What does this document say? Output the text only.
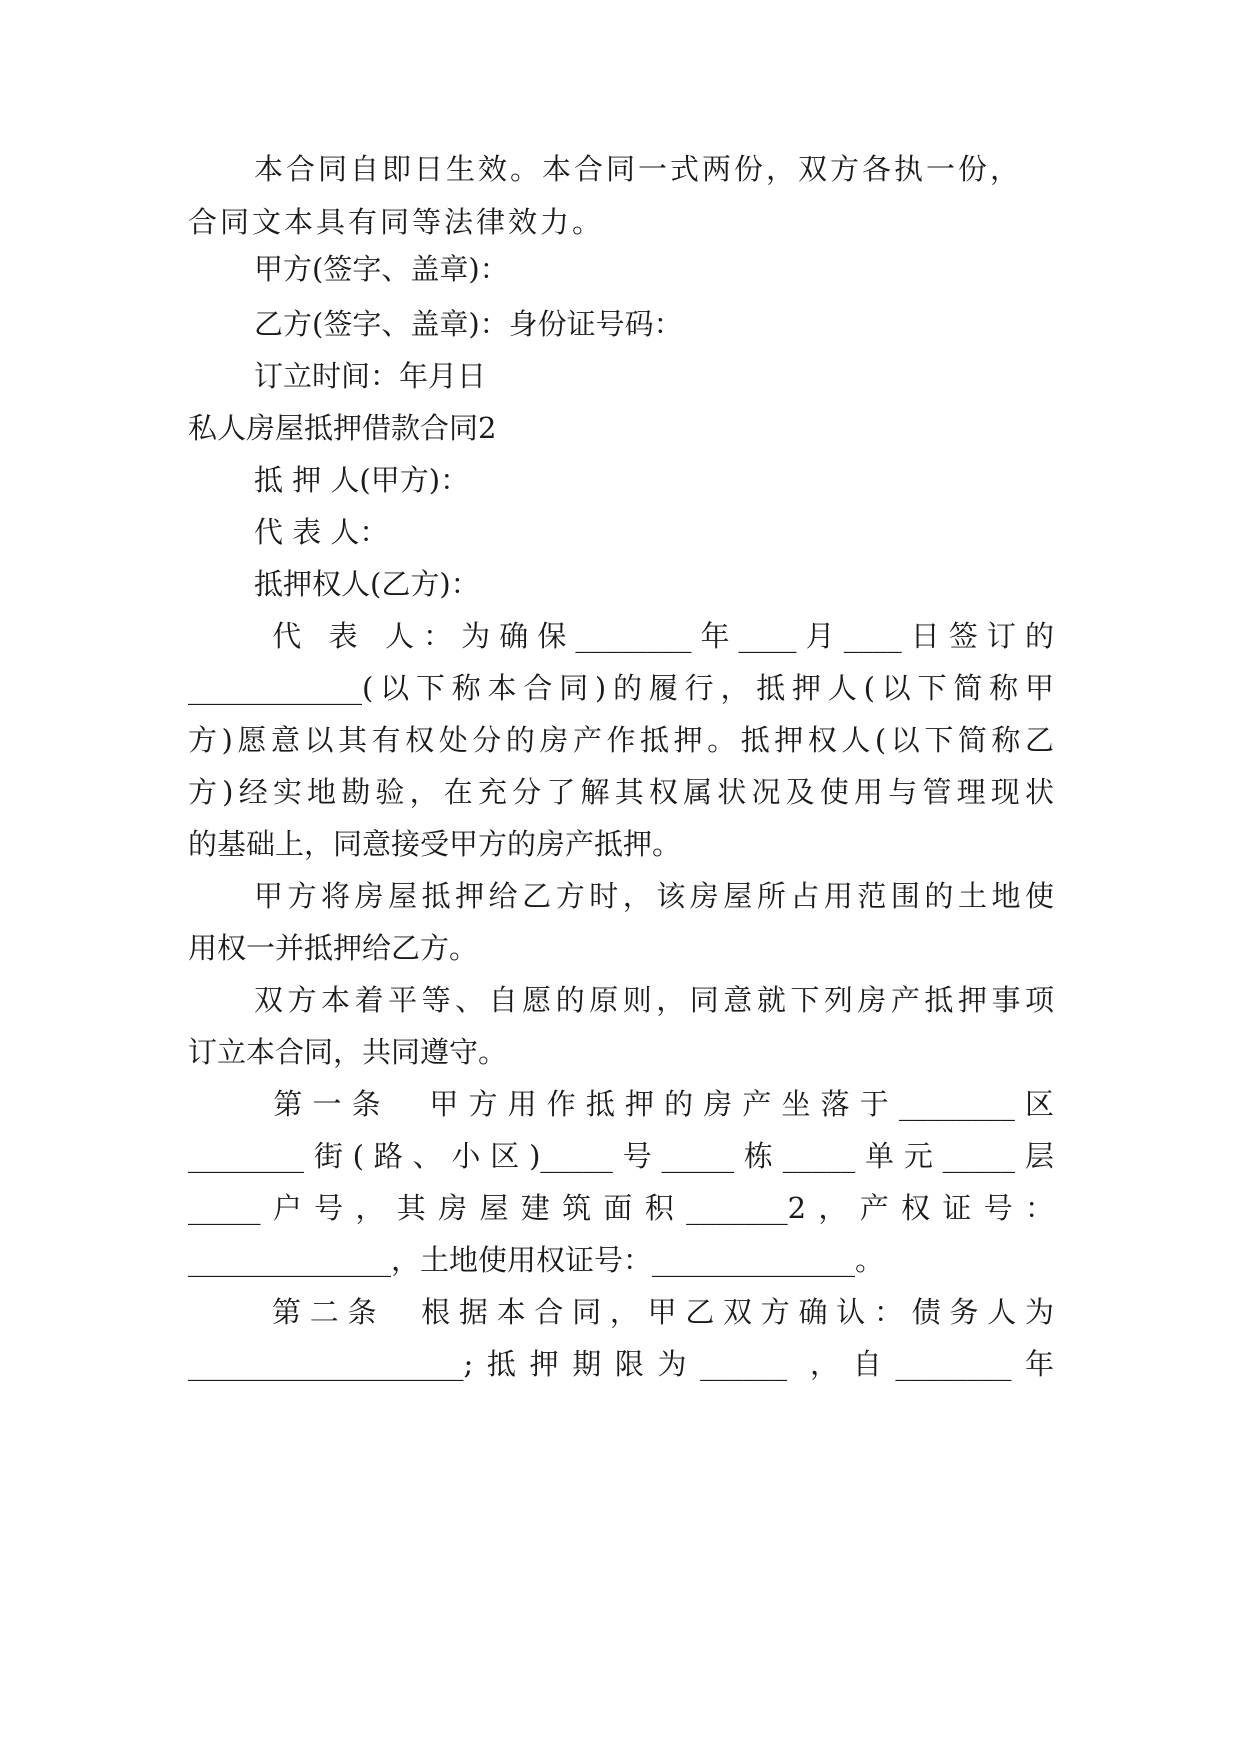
本合同自即日生效。本合同一式两份，双方各执一份，
合同文本具有同等法律效力。
甲方(签字、盖章)：
乙方(签字、盖章)：身份证号码：
订立时间：年月日
私人房屋抵押借款合同2
抵 押 人(甲方)：
代 表 人：
抵押权人(乙方)：
代 表 人：为确保________年____月____日签订的
____________(以下称本合同)的履行，抵押人(以下简称甲
方)愿意以其有权处分的房产作抵押。抵押权人(以下简称乙
方)经实地勘验，在充分了解其权属状况及使用与管理现状
的基础上，同意接受甲方的房产抵押。
甲方将房屋抵押给乙方时，该房屋所占用范围的土地使
用权一并抵押给乙方。
双方本着平等、自愿的原则，同意就下列房产抵押事项
订立本合同，共同遵守。
第一条  甲方用作抵押的房产坐落于________区
________街(路、小区)_____号_____栋_____单元_____层
_____户号，其房屋建筑面积_______2，产权证号：
______________，土地使用权证号：______________。
第二条  根据本合同，甲乙双方确认：债务人为
___________________;抵押期限为______ ，自________年
